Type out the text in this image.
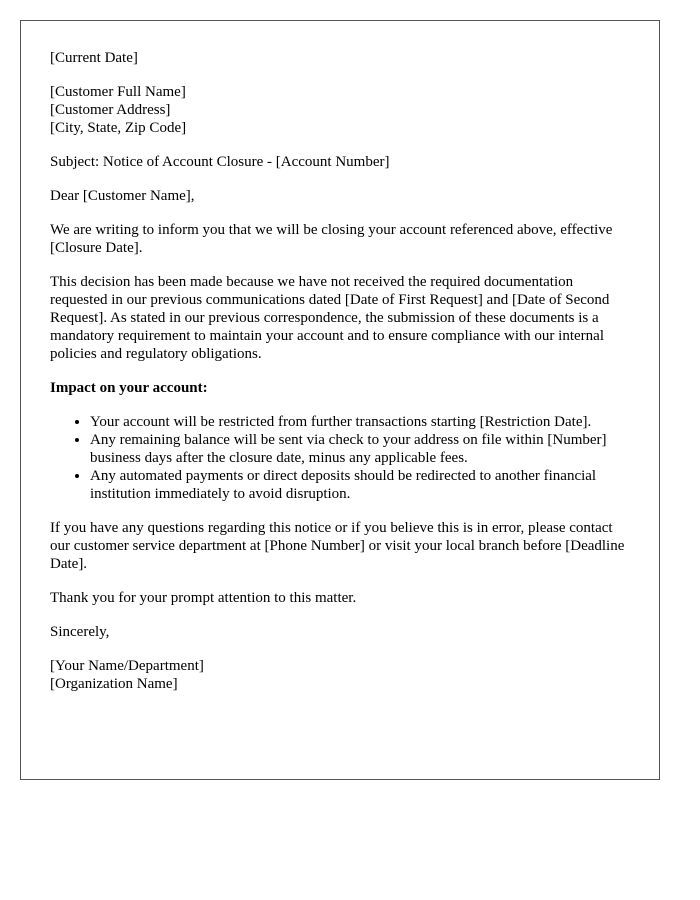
[Current Date]

[Customer Full Name]
[Customer Address]
[City, State, Zip Code]

Subject: Notice of Account Closure - [Account Number]

Dear [Customer Name],

We are writing to inform you that we will be closing your account referenced above, effective [Closure Date].

This decision has been made because we have not received the required documentation requested in our previous communications dated [Date of First Request] and [Date of Second Request]. As stated in our previous correspondence, the submission of these documents is a mandatory requirement to maintain your account and to ensure compliance with our internal policies and regulatory obligations.

Impact on your account:

• Your account will be restricted from further transactions starting [Restriction Date].
• Any remaining balance will be sent via check to your address on file within [Number] business days after the closure date, minus any applicable fees.
• Any automated payments or direct deposits should be redirected to another financial institution immediately to avoid disruption.

If you have any questions regarding this notice or if you believe this is in error, please contact our customer service department at [Phone Number] or visit your local branch before [Deadline Date].

Thank you for your prompt attention to this matter.

Sincerely,

[Your Name/Department]
[Organization Name]
